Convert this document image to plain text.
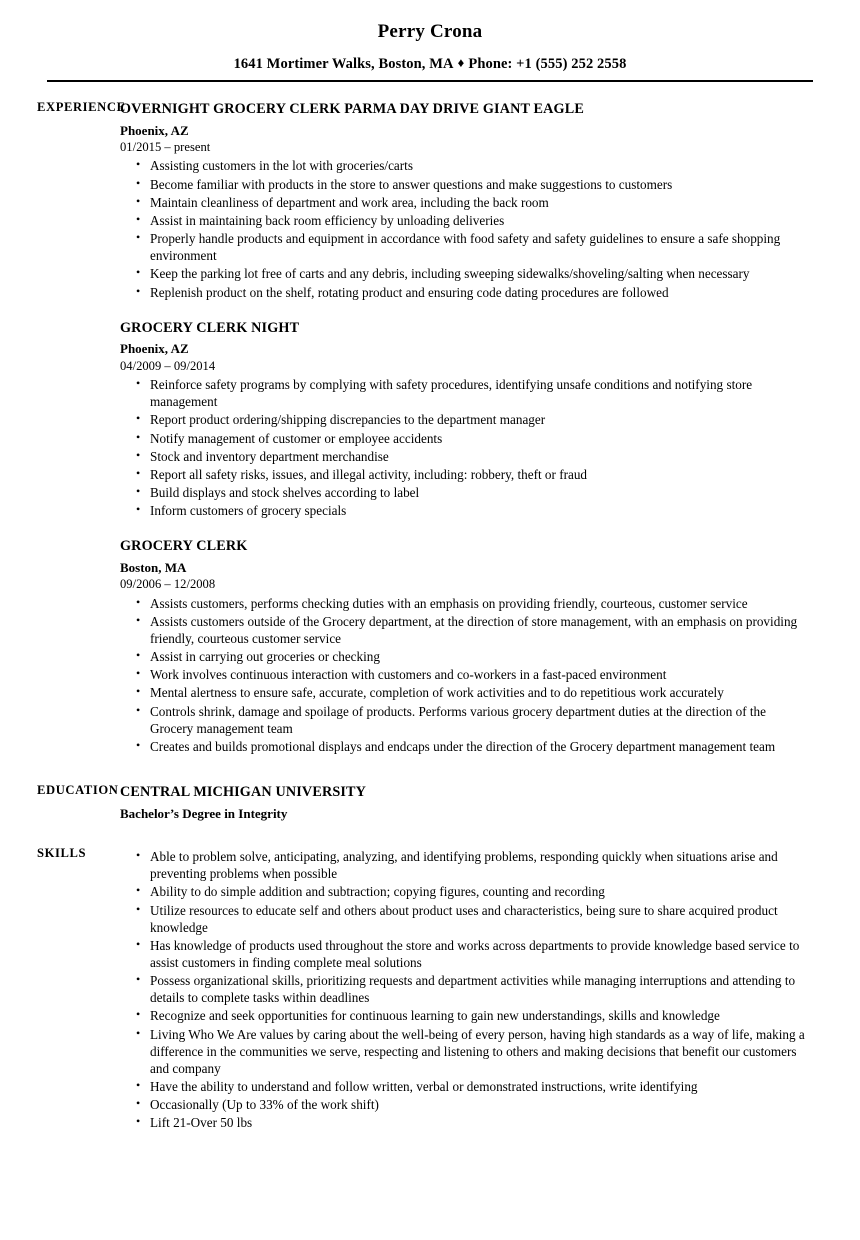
Perry Crona
1641 Mortimer Walks, Boston, MA ♦ Phone: +1 (555) 252 2558
EXPERIENCE
OVERNIGHT GROCERY CLERK PARMA DAY DRIVE GIANT EAGLE
Phoenix, AZ
01/2015 – present
• Assisting customers in the lot with groceries/carts
• Become familiar with products in the store to answer questions and make suggestions to customers
• Maintain cleanliness of department and work area, including the back room
• Assist in maintaining back room efficiency by unloading deliveries
• Properly handle products and equipment in accordance with food safety and safety guidelines to ensure a safe shopping environment
• Keep the parking lot free of carts and any debris, including sweeping sidewalks/shoveling/salting when necessary
• Replenish product on the shelf, rotating product and ensuring code dating procedures are followed
GROCERY CLERK NIGHT
Phoenix, AZ
04/2009 – 09/2014
• Reinforce safety programs by complying with safety procedures, identifying unsafe conditions and notifying store management
• Report product ordering/shipping discrepancies to the department manager
• Notify management of customer or employee accidents
• Stock and inventory department merchandise
• Report all safety risks, issues, and illegal activity, including: robbery, theft or fraud
• Build displays and stock shelves according to label
• Inform customers of grocery specials
GROCERY CLERK
Boston, MA
09/2006 – 12/2008
• Assists customers, performs checking duties with an emphasis on providing friendly, courteous, customer service
• Assists customers outside of the Grocery department, at the direction of store management, with an emphasis on providing friendly, courteous customer service
• Assist in carrying out groceries or checking
• Work involves continuous interaction with customers and co-workers in a fast-paced environment
• Mental alertness to ensure safe, accurate, completion of work activities and to do repetitious work accurately
• Controls shrink, damage and spoilage of products. Performs various grocery department duties at the direction of the Grocery management team
• Creates and builds promotional displays and endcaps under the direction of the Grocery department management team
EDUCATION CENTRAL MICHIGAN UNIVERSITY
Bachelor’s Degree in Integrity
SKILLS	• Able to problem solve, anticipating, analyzing, and identifying problems, responding quickly when situations arise and preventing problems when possible
• Ability to do simple addition and subtraction; copying figures, counting and recording
• Utilize resources to educate self and others about product uses and characteristics, being sure to share acquired product knowledge
• Has knowledge of products used throughout the store and works across departments to provide knowledge based service to assist customers in finding complete meal solutions
• Possess organizational skills, prioritizing requests and department activities while managing interruptions and attending to details to complete tasks within deadlines
• Recognize and seek opportunities for continuous learning to gain new understandings, skills and knowledge
• Living Who We Are values by caring about the well-being of every person, having high standards as a way of life, making a difference in the communities we serve, respecting and listening to others and making decisions that benefit our customers and company
• Have the ability to understand and follow written, verbal or demonstrated instructions, write identifying
• Occasionally (Up to 33% of the work shift)
• Lift 21-Over 50 lbs
